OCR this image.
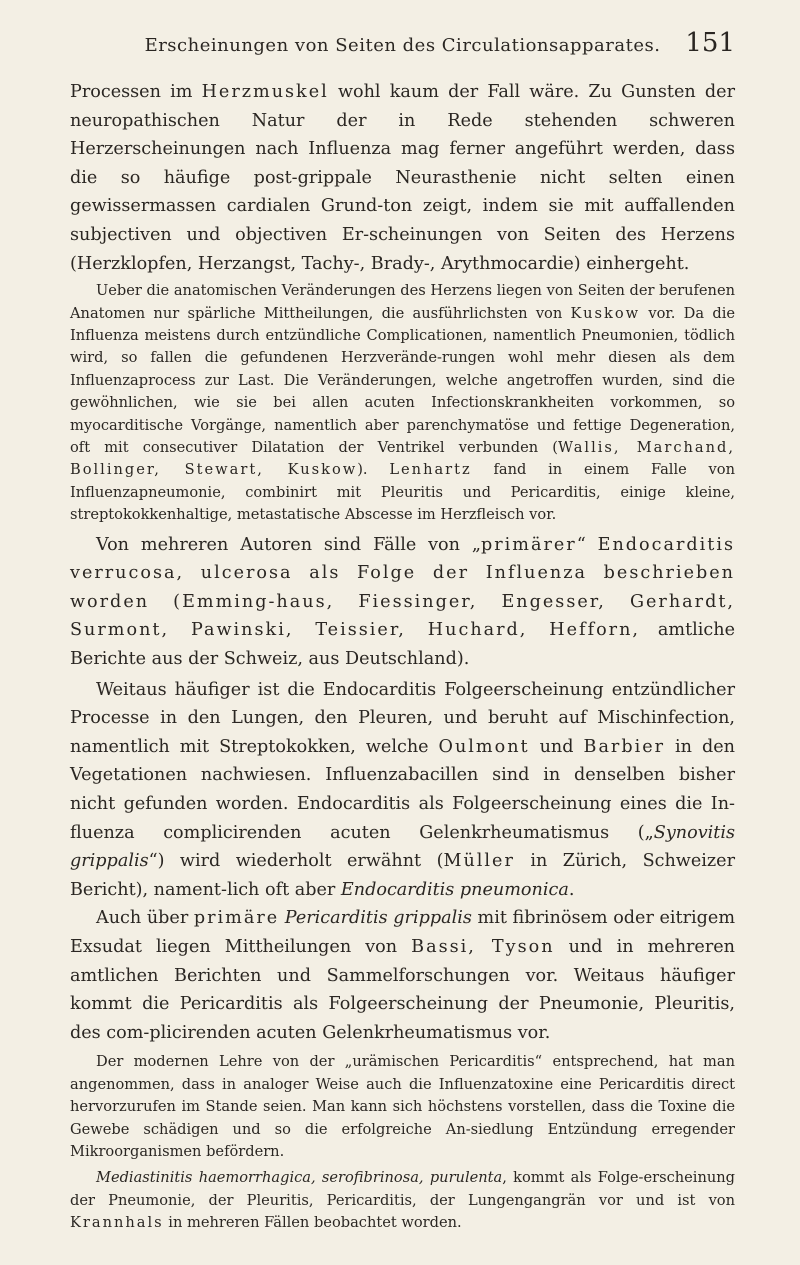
Erscheinungen von Seiten des Circulationsapparates. 151

Processen im Herzmuskel wohl kaum der Fall wäre. Zu Gunsten der neuropathischen Natur der in Rede stehenden schweren Herzerscheinungen nach Influenza mag ferner angeführt werden, dass die so häufige post-grippale Neurasthenie nicht selten einen gewissermassen cardialen Grund-ton zeigt, indem sie mit auffallenden subjectiven und objectiven Er-scheinungen von Seiten des Herzens (Herzklopfen, Herzangst, Tachy-, Brady-, Arythmocardie) einhergeht.

Ueber die anatomischen Veränderungen des Herzens liegen von Seiten der berufenen Anatomen nur spärliche Mittheilungen, die ausführlichsten von Kuskow vor. Da die Influenza meistens durch entzündliche Complicationen, namentlich Pneumonien, tödlich wird, so fallen die gefundenen Herzverände-rungen wohl mehr diesen als dem Influenzaprocess zur Last. Die Veränderungen, welche angetroffen wurden, sind die gewöhnlichen, wie sie bei allen acuten Infectionskrankheiten vorkommen, so myocarditische Vorgänge, namentlich aber parenchymatöse und fettige Degeneration, oft mit consecutiver Dilatation der Ventrikel verbunden (Wallis, Marchand, Bollinger, Stewart, Kuskow). Lenhartz fand in einem Falle von Influenzapneumonie, combinirt mit Pleuritis und Pericarditis, einige kleine, streptokokkenhaltige, metastatische Abscesse im Herzfleisch vor.

Von mehreren Autoren sind Fälle von „primärer“ Endocarditis verrucosa, ulcerosa als Folge der Influenza beschrieben worden (Emming-haus, Fiessinger, Engesser, Gerhardt, Surmont, Pawinski, Teissier, Huchard, Hefforn, amtliche Berichte aus der Schweiz, aus Deutschland).

Weitaus häufiger ist die Endocarditis Folgeerscheinung entzündlicher Processe in den Lungen, den Pleuren, und beruht auf Mischinfection, namentlich mit Streptokokken, welche Oulmont und Barbier in den Vegetationen nachwiesen. Influenzabacillen sind in denselben bisher nicht gefunden worden. Endocarditis als Folgeerscheinung eines die In-fluenza complicirenden acuten Gelenkrheumatismus („Synovitis grippalis“) wird wiederholt erwähnt (Müller in Zürich, Schweizer Bericht), nament-lich oft aber Endocarditis pneumonica.

Auch über primäre Pericarditis grippalis mit fibrinösem oder eitrigem Exsudat liegen Mittheilungen von Bassi, Tyson und in mehreren amtlichen Berichten und Sammelforschungen vor. Weitaus häufiger kommt die Pericarditis als Folgeerscheinung der Pneumonie, Pleuritis, des com-plicirenden acuten Gelenkrheumatismus vor.

Der modernen Lehre von der „urämischen Pericarditis“ entsprechend, hat man angenommen, dass in analoger Weise auch die Influenzatoxine eine Pericarditis direct hervorzurufen im Stande seien. Man kann sich höchstens vorstellen, dass die Toxine die Gewebe schädigen und so die erfolgreiche An-siedlung Entzündung erregender Mikroorganismen befördern.

Mediastinitis haemorrhagica, serofibrinosa, purulenta, kommt als Folge-erscheinung der Pneumonie, der Pleuritis, Pericarditis, der Lungengangrän vor und ist von Krannhals in mehreren Fällen beobachtet worden.
